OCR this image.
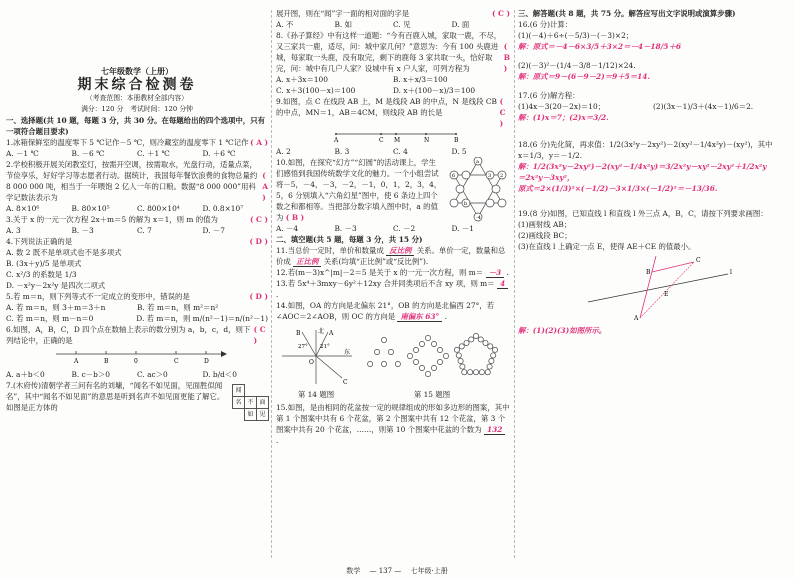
七年级数学（上册）
期末综合检测卷
（考查范围：本册教材全部内容）
满分：120 分　考试时间：120 分钟
一、选择题(共 10 题，每题 3 分，共 30 分。在每题给出的四个选项中，只有一项符合题目要求)
1.冰箱保鲜室的温度零下 5 ℃记作－5 ℃，则冷藏室的温度零下 1 ℃记作 ( A )
A. －1 ℃	B. －6 ℃	C. ＋1 ℃	D. ＋6 ℃
2.学校积极开展关闭教室灯，按需开空调，按需取水，光盘行动，适量点菜，节俭享乐，好好学习等志愿者行动。据统计，我国每年餐饮浪费的食物总量约 8 000 000 吨，相当于一年喂饱 2 亿人一年的口粮。数据“8 000 000”用科学记数法表示为
( A )
A. 8×10⁶	B. 80×10⁵	C. 800×10⁴	D. 0.8×10⁷
3.关于 x 的一元一次方程 2x＋m＝5 的解为 x＝1，则 m 的值为	( C )
A. 3	B. －3	C. 7	D. －7
4.下列说法正确的是	( D )
A. 数 2 既不是单项式也不是多项式
B. (3x＋y)/5 是单项式
C. x²/3 的系数是 1/3
D. －x²y－2x²y 是四次二项式
5.若 m＝n，则下列等式不一定成立的变形中，错误的是	( D )
A. 若 m＝n，则 3＋m＝3＋n	B. 若 m＝n，则 m²＝n²
C. 若 m＝n，则 m－n＝0	D. 若 m＝n，则 m/(n²－1)＝n/(n²－1)
6.如图，A，B，C，D 四个点在数轴上表示的数分别为 a，b，c，d，则下列结论中，正确的是
( C )
A	B	0	C	D
A. a＋b＜0	B. c－b＞0	C. ac＞0	D. b/d＜0
7.(木府传)清朝学者三问有名的刘墉，“闻名不如见面，见面胜似闻名”，其中“闻名不如见面”的意思是听到名声不如见面更能了解它。如图是正方体的
闻
名 不
如 见
面
展开图，则在“闻”字一面的相对面的字是	( C )
A. 不	B. 如	C. 见	D. 面
8.《孙子算经》中有这样一道题：“今有百鹿入城，家取一鹿，不尽，又三家共一鹿，适尽，问：城中家几何？”意思为：今有 100 头鹿进城，每家取一头鹿，没有取完，剩下的鹿每 3 家共取一头，恰好取完，问：城中有几户人家？设城中有 x 户人家，可列方程为
( B )
A. x＋3x＝100	B. x＋x/3＝100
C. x＋3(100－x)＝100	D. x＋(100－x)/3＝100
9.如图，点 C 在线段 AB 上，M 是线段 AB 的中点，N 是线段 CB 的中点，MN＝1，AB＝4CM，则线段 AB 的长是
( C )
A	C M	N	B
A. 2	B. 3	C. 4	D. 5
10.如图，在探究“幻方”“幻圆”的活动课上，学生们感悟到我国传统数学文化的魅力。一个小组尝试将－5，－4，－3，－2，－1，0，1，2，3，4，5，6 分别填入“六角幻星”图中，使 6 条边上四个数之和都相等。当把部分数字填入图中时，a 的值为 ( B )
a
2
-4
6	3
b
A. －4	B. －3	C. －2	D. －1
二、填空题(共 5 题，每题 3 分，共 15 分)
11.当总价一定时，单价和数量成 反比例 关系。单价一定，数量和总价成 正比例 关系(均填“正比例”或“反比例”).
12.若(m－3)x^|m|－2＝5 是关于 x 的一元一次方程，则 m＝ －3 .
13.若 5x⁴＋3mxy－6y²＋12xy 合并同类项后不含 xy 项，则 m＝ 4 .
14.如图，OA 的方向是北偏东 21°，OB 的方向是北偏西 27°，若∠AOC＝2∠AOB，则 OC 的方向是 南偏东 63° .
北 A
B
C
O
东
27° 21°
第 14 题图	第 15 题图
15.如图，是由相同的花盆按一定的规律组成的形如多边形的图案，其中第 1 个图案中共有 6 个花盆，第 2 个图案中共有 12 个花盆，第 3 个图案中共有 20 个花盆，……，则第 10 个图案中花盆的个数为 132 .
三、解答题(共 8 题，共 75 分。解答应写出文字说明或演算步骤)
16.(6 分)计算：
(1)(－4)＋6÷(－5/3)－(－3)×2；
解：原式＝－4－6×3/5＋3×2＝－4－18/5＋6
(2)(－3)²－(1/4－3/8－1/12)×24.
解：原式＝9－(6－9－2)＝9＋5＝14.
17.(6 分)解方程：
(1)4x－3(20－2x)＝10；	(2)(3x－1)/3＋(4x－1)/6＝2.
解：(1)x＝7；(2)x＝3/2.
18.(6 分)先化简，再求值：1/2(3x²y－2xy²)－2(xy²－1/4x²y)－(xy²)，其中
x＝1/3，y＝－1/2.
解：1/2(3x²y－2xy²)－2(xy²－1/4x²y)＝3/2x²y－xy²－2xy²＋1/2x²y
＝2x²y－3xy²，
原式＝2×(1/3)²×(－1/2)－3×1/3×(－1/2)²＝－13/36.
19.(8 分)如图，已知直线 l 和直线 l 外三点 A，B，C，请按下列要求画图：
(1)画射线 AB；
(2)画线段 BC；
(3)在直线 l 上确定一点 E，使得 AE＋CE 的值最小。
A
B
C
E
l
解：(1)(2)(3)如图所示。
数学　 — 137 —　 七年级·上册
